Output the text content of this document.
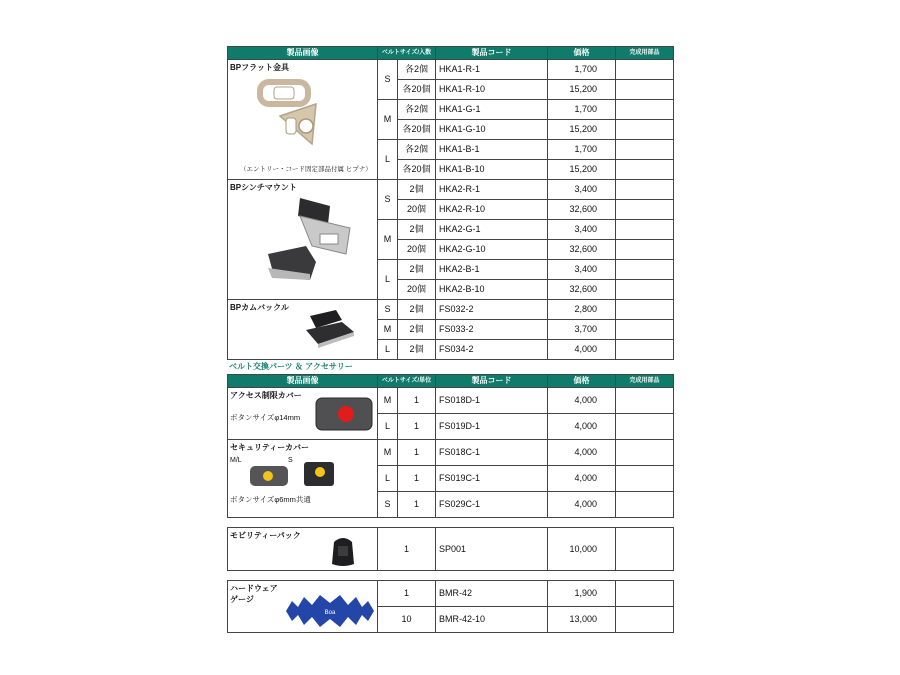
製品画像	ベルトサイズ/入数		製品コード	価格	完成用部品

BPフラット金具
（エントリー・コード固定部品付属 ヒプナ）	S	各2個	HKA1-R-1	1,700	
		各20個	HKA1-R-10	15,200	
	M	各2個	HKA1-G-1	1,700	
		各20個	HKA1-G-10	15,200	
	L	各2個	HKA1-B-1	1,700	
		各20個	HKA1-B-10	15,200	

BPシンチマウント	S	2個	HKA2-R-1	3,400	
		20個	HKA2-R-10	32,600	
	M	2個	HKA2-G-1	3,400	
		20個	HKA2-G-10	32,600	
	L	2個	HKA2-B-1	3,400	
		20個	HKA2-B-10	32,600	

BPカムバックル	S	2個	FS032-2	2,800	
	M	2個	FS033-2	3,700	
	L	2個	FS034-2	4,000	
ベルト交換パーツ ＆ アクセサリー
製品画像	ベルトサイズ/単位		製品コード	価格	完成用部品

アクセス制限カバー
ボタンサイズφ14mm	M	1	FS018D-1	4,000	
	L	1	FS019D-1	4,000	

セキュリティーカバー
M/L S
ボタンサイズφ6mm共通	M	1	FS018C-1	4,000	
	L	1	FS019C-1	4,000	
	S	1	FS029C-1	4,000	
モビリティーパック
	1	SP001	10,000	
ハードウェア
ゲージ
Boa	1	BMR-42	1,900	
	10	BMR-42-10	13,000	
